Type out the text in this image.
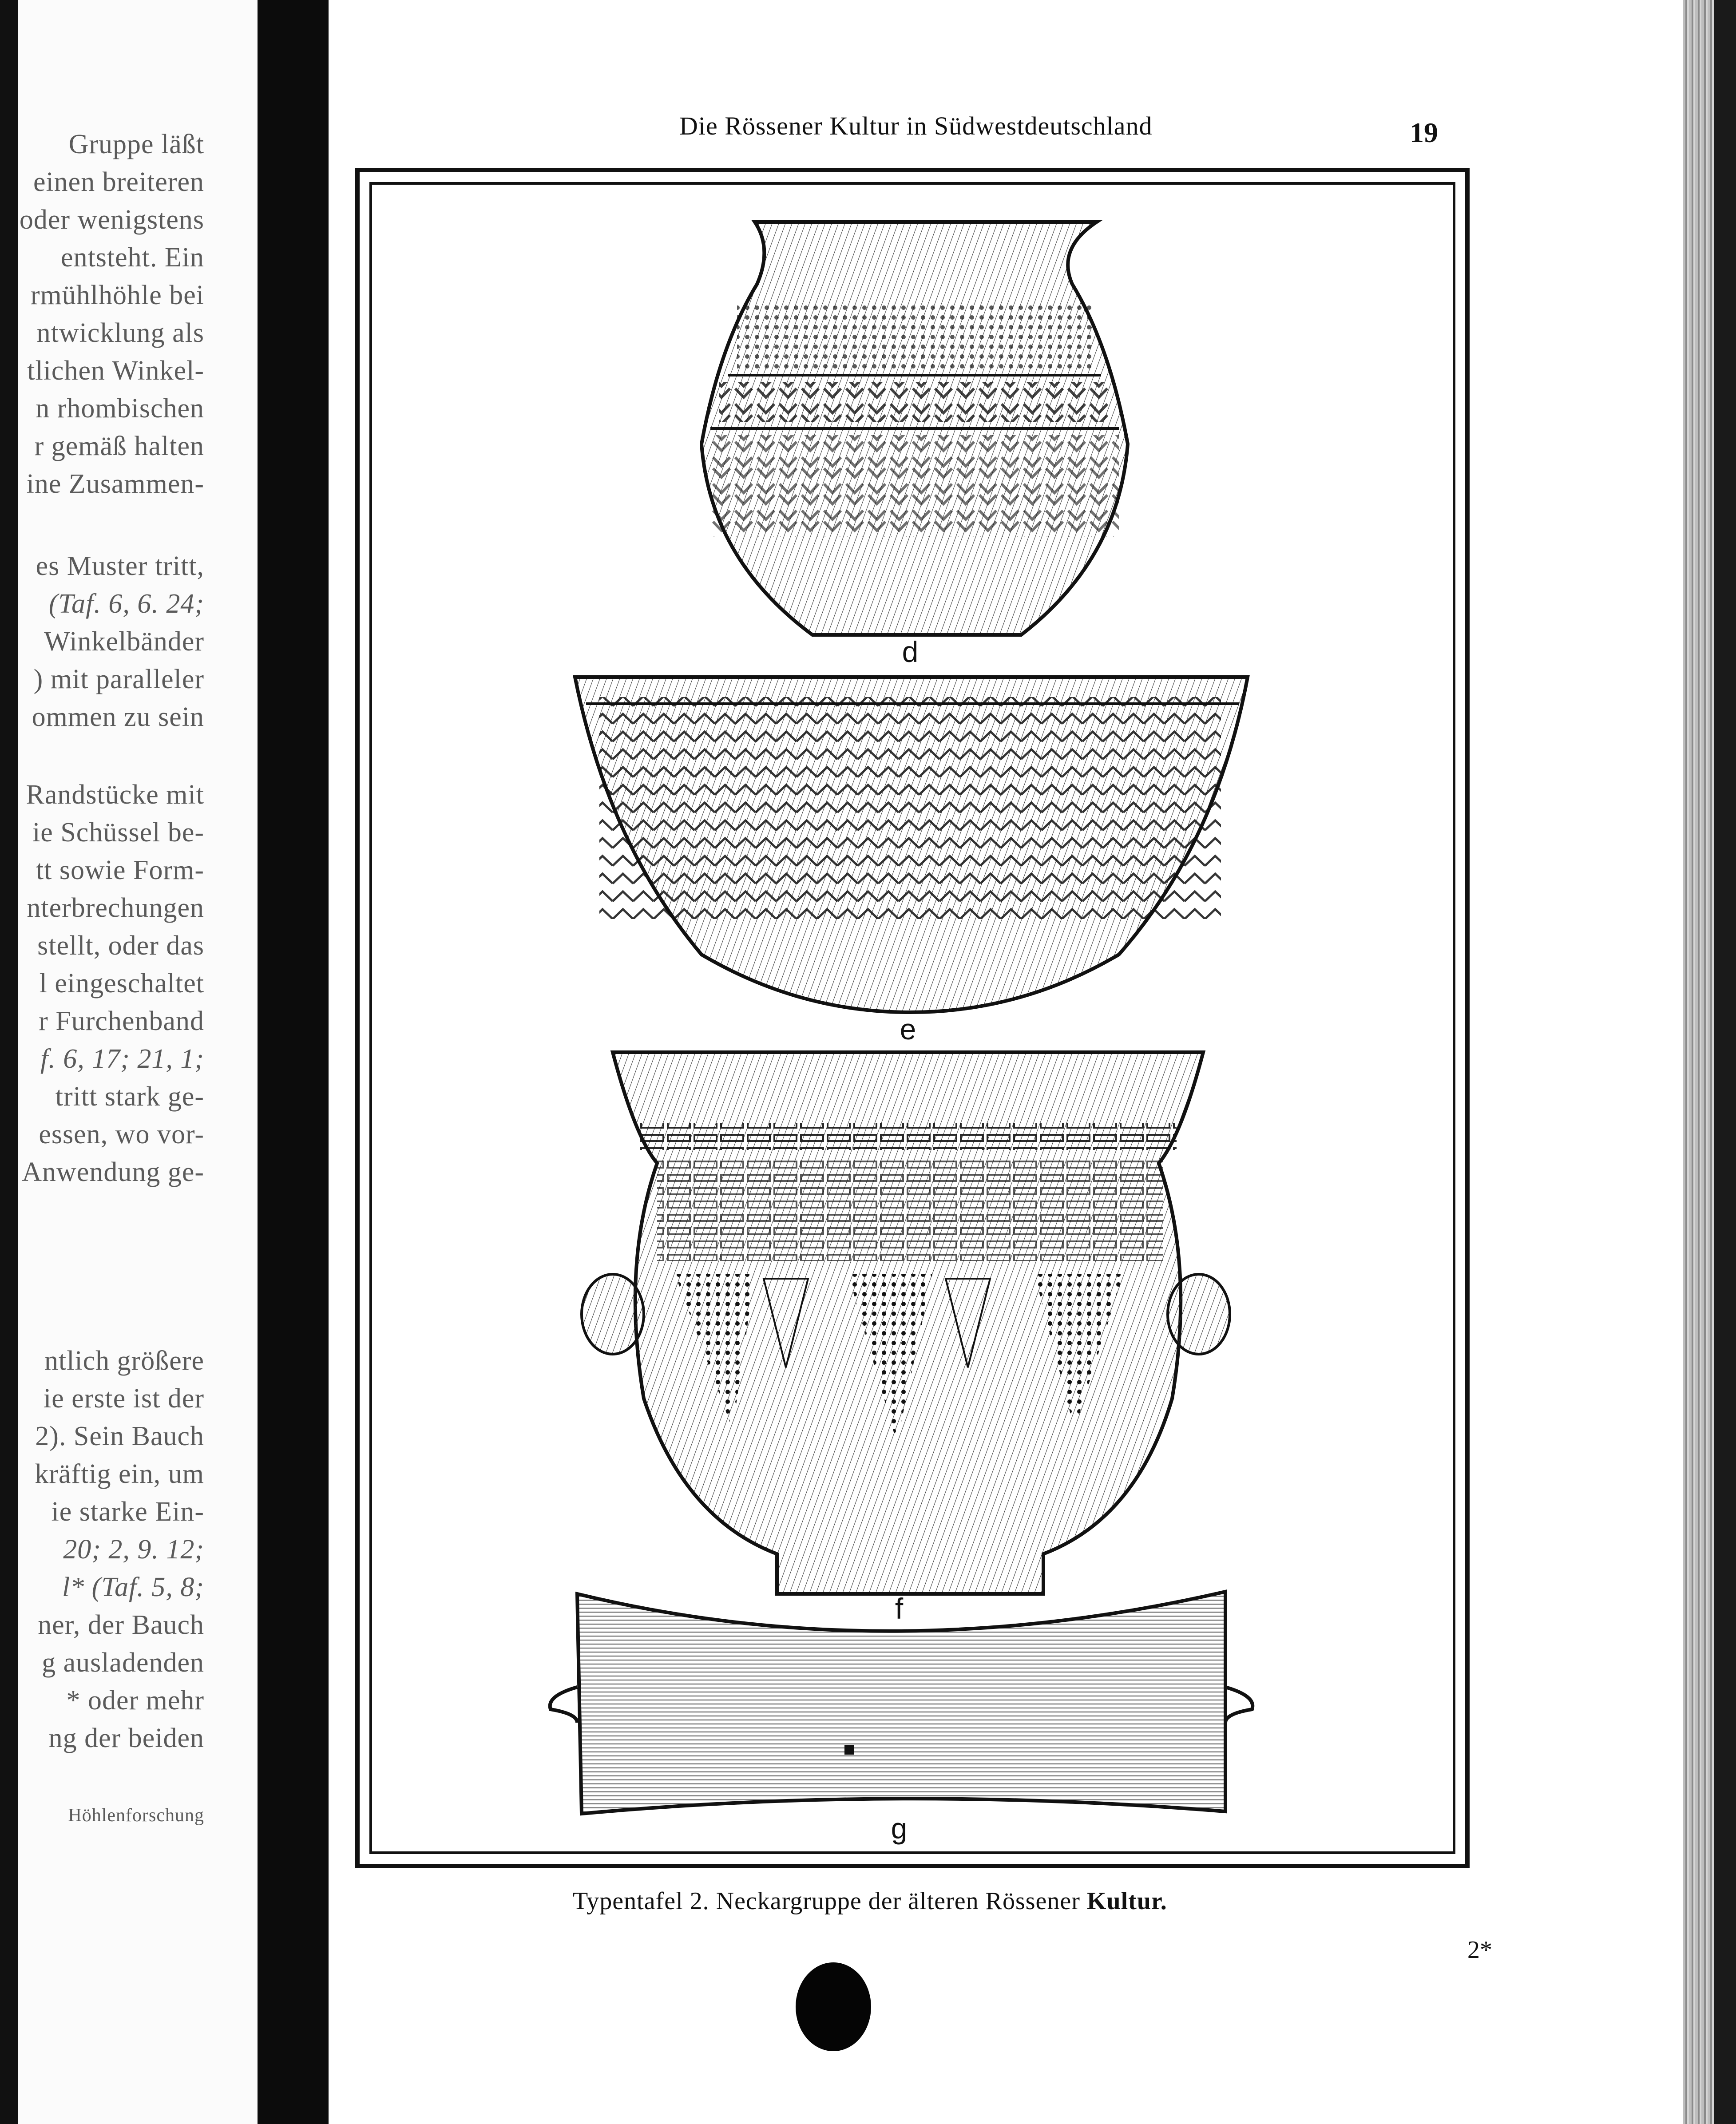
Gruppe läßt
einen breiteren
oder wenigstens
entsteht. Ein
rmühlhöhle bei
ntwicklung als
tlichen Winkel-
n rhombischen
r gemäß halten
ine Zusammen-
es Muster tritt,
(Taf. 6, 6. 24;
Winkelbänder
) mit paralleler
ommen zu sein
Randstücke mit
ie Schüssel be-
tt sowie Form-
nterbrechungen
stellt, oder das
l eingeschaltet
r Furchenband
f. 6, 17; 21, 1;
tritt stark ge-
essen, wo vor-
Anwendung ge-
ntlich größere
ie erste ist der
2). Sein Bauch
kräftig ein, um
ie starke Ein-
20; 2, 9. 12;
l* (Taf. 5, 8;
ner, der Bauch
g ausladenden
* oder mehr
ng der beiden
Höhlenforschung
Die Rössener Kultur in Südwestdeutschland	19
d
e
f
g
Typentafel 2. Neckargruppe der älteren Rössener Kultur.
2*
